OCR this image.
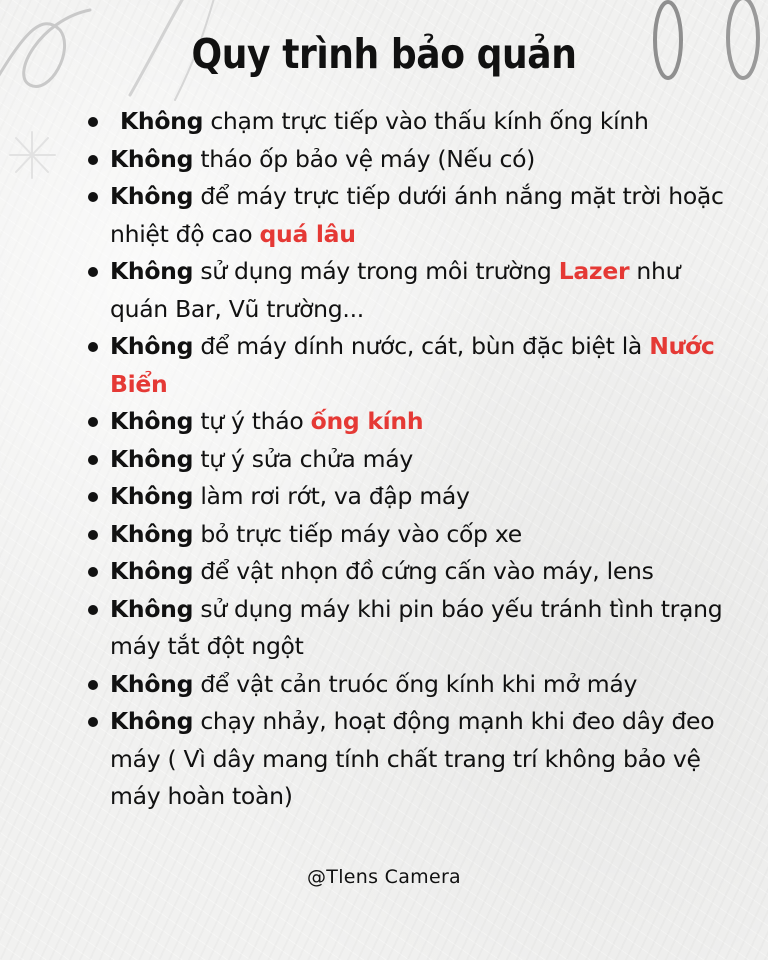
Quy trình bảo quản
Không chạm trực tiếp vào thấu kính ống kính
Không tháo ốp bảo vệ máy (Nếu có)
Không để máy trực tiếp dưới ánh nắng mặt trời hoặc nhiệt độ cao quá lâu
Không sử dụng máy trong môi trường Lazer như quán Bar, Vũ trường...
Không để máy dính nước, cát, bùn đặc biệt là Nước Biển
Không tự ý tháo ống kính
Không tự ý sửa chửa máy
Không làm rơi rớt, va đập máy
Không bỏ trực tiếp máy vào cốp xe
Không để vật nhọn đồ cứng cấn vào máy, lens
Không sử dụng máy khi pin báo yếu tránh tình trạng máy tắt đột ngột
Không để vật cản truóc ống kính khi mở máy
Không chạy nhảy, hoạt động mạnh khi đeo dây đeo máy ( Vì dây mang tính chất trang trí không bảo vệ máy hoàn toàn)
@Tlens Camera
